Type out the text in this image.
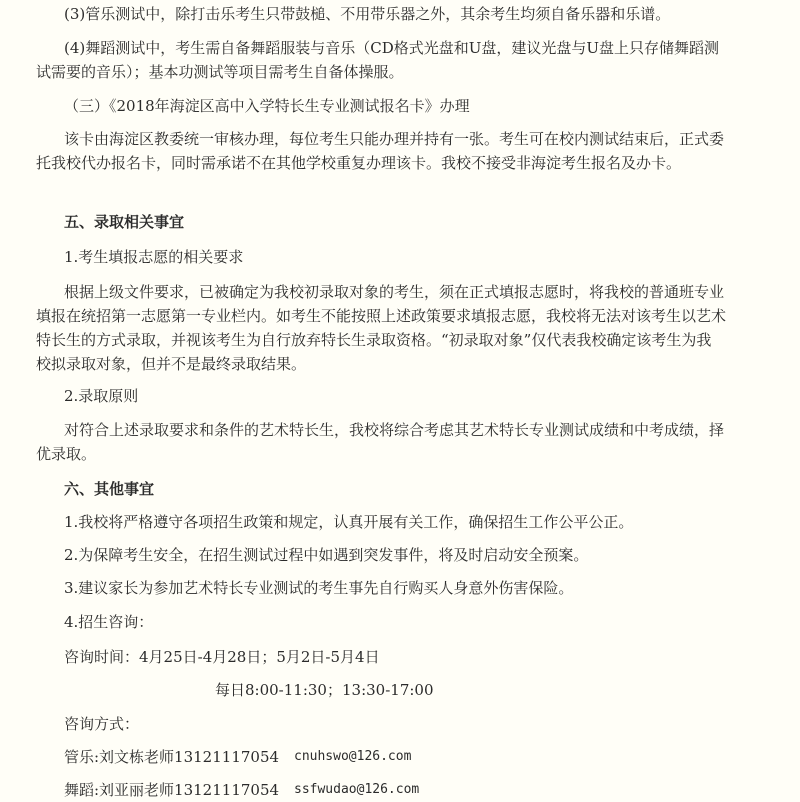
(3)管乐测试中，除打击乐考生只带鼓槌、不用带乐器之外，其余考生均须自备乐器和乐谱。
(4)舞蹈测试中，考生需自备舞蹈服装与音乐（CD格式光盘和U盘，建议光盘与U盘上只存储舞蹈测试需要的音乐）；基本功测试等项目需考生自备体操服。
（三）《2018年海淀区高中入学特长生专业测试报名卡》办理
该卡由海淀区教委统一审核办理，每位考生只能办理并持有一张。考生可在校内测试结束后，正式委托我校代办报名卡，同时需承诺不在其他学校重复办理该卡。我校不接受非海淀考生报名及办卡。
五、录取相关事宜
1.考生填报志愿的相关要求
根据上级文件要求，已被确定为我校初录取对象的考生，须在正式填报志愿时，将我校的普通班专业填报在统招第一志愿第一专业栏内。如考生不能按照上述政策要求填报志愿，我校将无法对该考生以艺术特长生的方式录取，并视该考生为自行放弃特长生录取资格。“初录取对象”仅代表我校确定该考生为我校拟录取对象，但并不是最终录取结果。
2.录取原则
对符合上述录取要求和条件的艺术特长生，我校将综合考虑其艺术特长专业测试成绩和中考成绩，择优录取。
六、其他事宜
1.我校将严格遵守各项招生政策和规定，认真开展有关工作，确保招生工作公平公正。
2.为保障考生安全，在招生测试过程中如遇到突发事件，将及时启动安全预案。
3.建议家长为参加艺术特长专业测试的考生事先自行购买人身意外伤害保险。
4.招生咨询：
咨询时间：4月25日-4月28日；5月2日-5月4日
每日8:00-11:30；13:30-17:00
咨询方式：
管乐:刘文栋老师13121117054 cnuhswo@126.com
舞蹈:刘亚丽老师13121117054 ssfwudao@126.com
